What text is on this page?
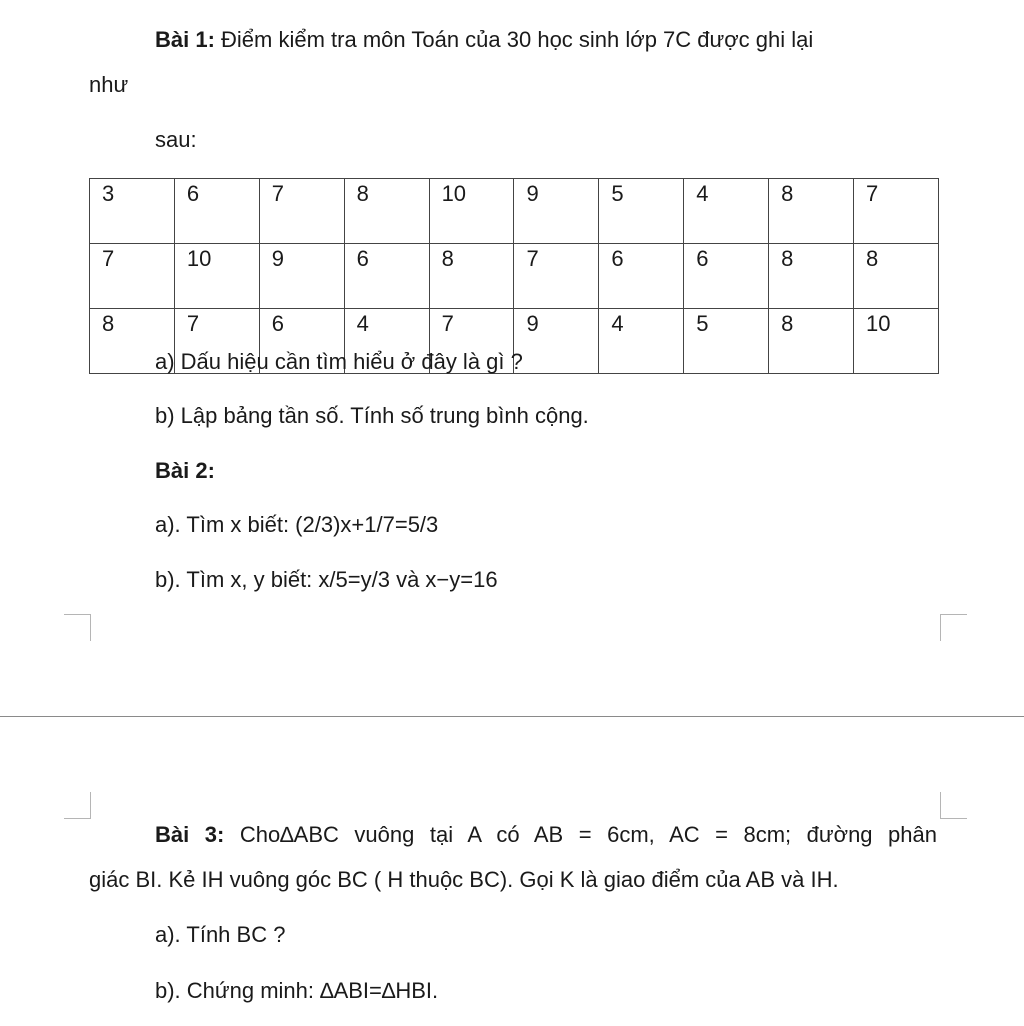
Bài 1: Điểm kiểm tra môn Toán của 30 học sinh lớp 7C được ghi lại
như
sau:
3	6	7	8	10	9	5	4	8	7
7	10	9	6	8	7	6	6	8	8
8	7	6	4	7	9	4	5	8	10
a) Dấu hiệu cần tìm hiểu ở đây là gì ?
b) Lập bảng tần số. Tính số trung bình cộng.
Bài 2:
a). Tìm x biết: (2/3)x+1/7=5/3
b). Tìm x, y biết: x/5=y/3 và x−y=16
Bài 3: Cho∆ABC vuông tại A có AB = 6cm, AC = 8cm; đường phân
giác BI. Kẻ IH vuông góc BC ( H thuộc BC). Gọi K là giao điểm của AB và IH.
a). Tính BC ?
b). Chứng minh: ∆ABI=∆HBI.
